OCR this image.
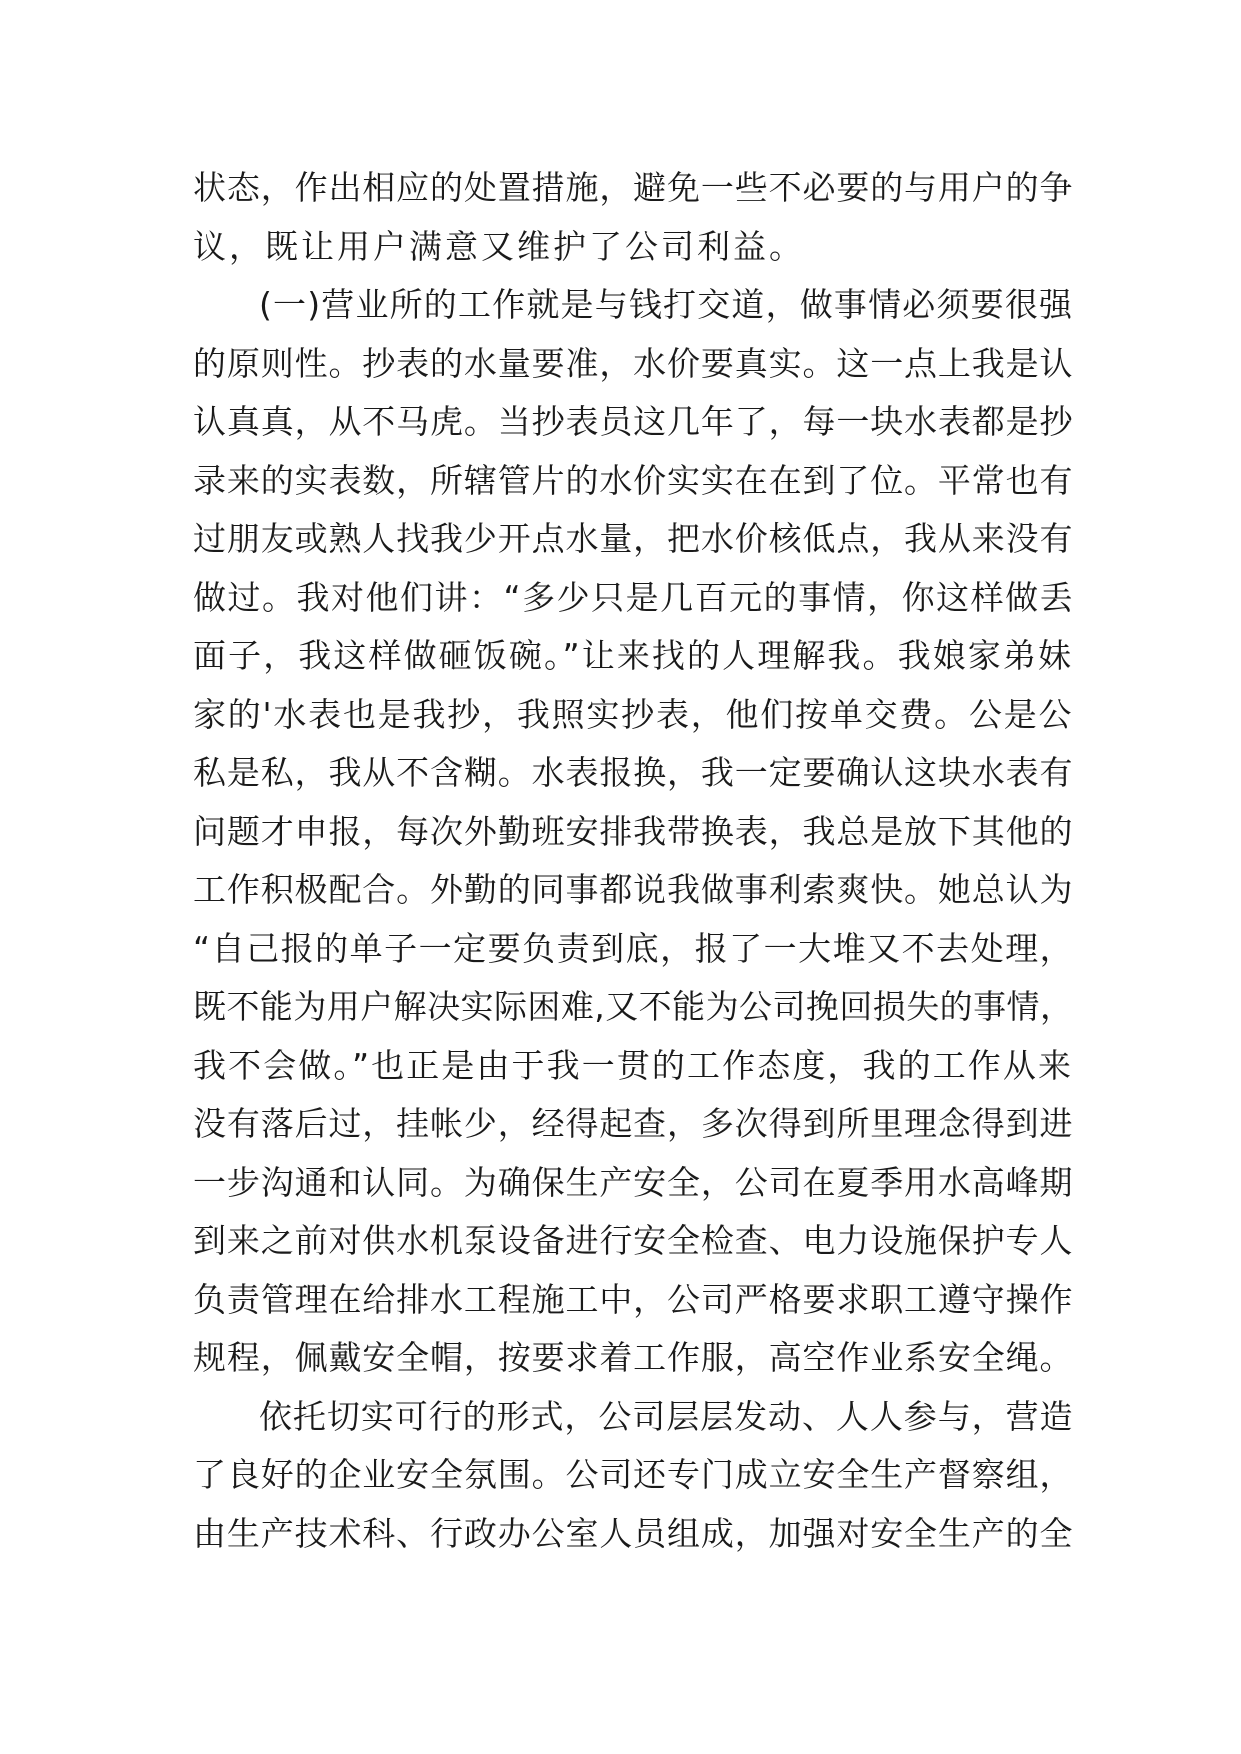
状态，作出相应的处置措施，避免一些不必要的与用户的争
议，既让用户满意又维护了公司利益。
(一)营业所的工作就是与钱打交道，做事情必须要很强
的原则性。抄表的水量要准，水价要真实。这一点上我是认
认真真，从不马虎。当抄表员这几年了，每一块水表都是抄
录来的实表数，所辖管片的水价实实在在到了位。平常也有
过朋友或熟人找我少开点水量，把水价核低点，我从来没有
做过。我对他们讲：“多少只是几百元的事情，你这样做丢
面子，我这样做砸饭碗。”让来找的人理解我。我娘家弟妹
家的'水表也是我抄，我照实抄表，他们按单交费。公是公
私是私，我从不含糊。水表报换，我一定要确认这块水表有
问题才申报，每次外勤班安排我带换表，我总是放下其他的
工作积极配合。外勤的同事都说我做事利索爽快。她总认为
“自己报的单子一定要负责到底，报了一大堆又不去处理，
既不能为用户解决实际困难,又不能为公司挽回损失的事情，
我不会做。”也正是由于我一贯的工作态度，我的工作从来
没有落后过，挂帐少，经得起查，多次得到所里理念得到进
一步沟通和认同。为确保生产安全，公司在夏季用水高峰期
到来之前对供水机泵设备进行安全检查、电力设施保护专人
负责管理在给排水工程施工中，公司严格要求职工遵守操作
规程，佩戴安全帽，按要求着工作服，高空作业系安全绳。
依托切实可行的形式，公司层层发动、人人参与，营造
了良好的企业安全氛围。公司还专门成立安全生产督察组，
由生产技术科、行政办公室人员组成，加强对安全生产的全
